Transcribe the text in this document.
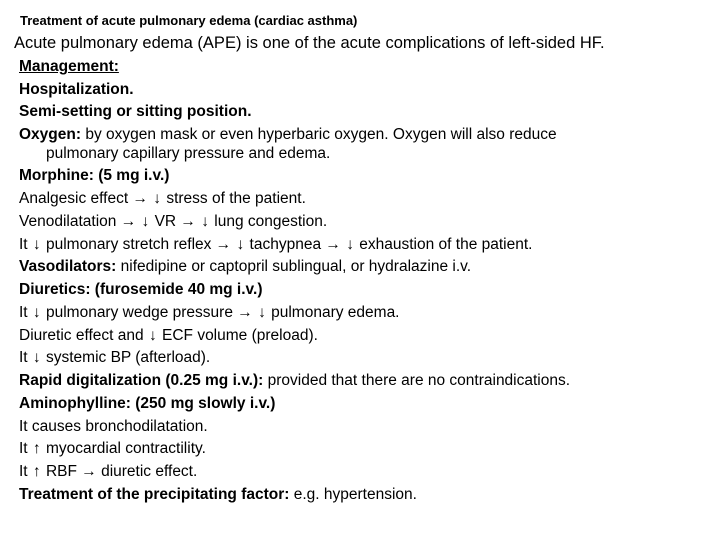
Treatment of acute pulmonary edema (cardiac asthma)
Acute pulmonary edema (APE) is one of the acute complications of left-sided HF.
Management:
Hospitalization.
Semi-setting or sitting position.
Oxygen: by oxygen mask or even hyperbaric oxygen. Oxygen will also reduce
pulmonary capillary pressure and edema.
Morphine: (5 mg i.v.)
Analgesic effect → ↓ stress of the patient.
Venodilatation → ↓ VR → ↓ lung congestion.
It ↓ pulmonary stretch reflex → ↓ tachypnea → ↓ exhaustion of the patient.
Vasodilators: nifedipine or captopril sublingual, or hydralazine i.v.
Diuretics: (furosemide 40 mg i.v.)
It ↓ pulmonary wedge pressure → ↓ pulmonary edema.
Diuretic effect and ↓ ECF volume (preload).
It ↓ systemic BP (afterload).
Rapid digitalization (0.25 mg i.v.): provided that there are no contraindications.
Aminophylline: (250 mg slowly i.v.)
It causes bronchodilatation.
It ↑ myocardial contractility.
It ↑ RBF → diuretic effect.
Treatment of the precipitating factor: e.g. hypertension.
